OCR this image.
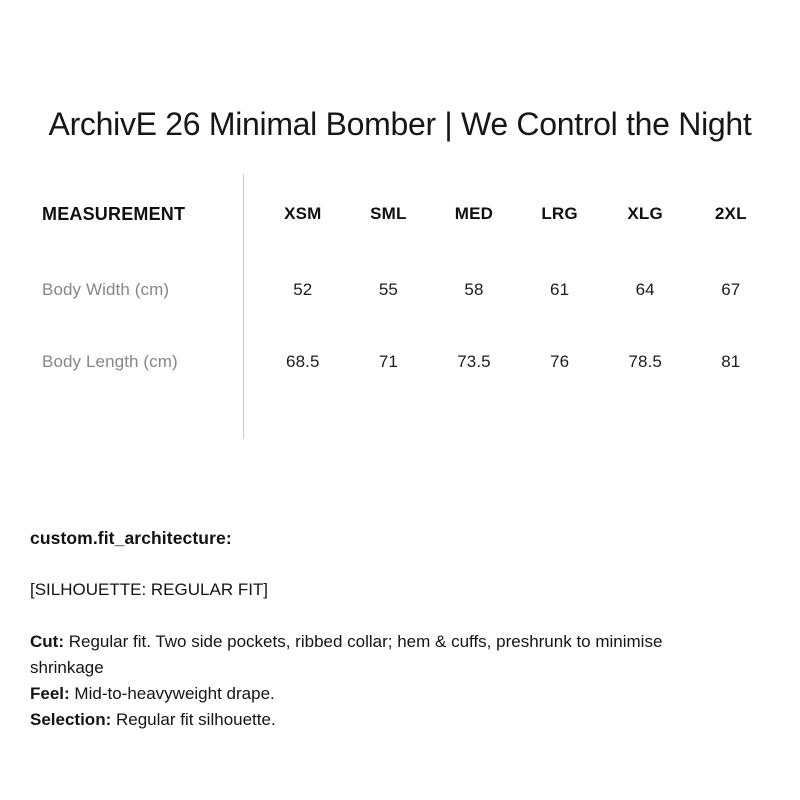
ArchivE 26 Minimal Bomber | We Control the Night
MEASUREMENT	XSM	SML	MED	LRG	XLG	2XL
Body Width (cm)	52	55	58	61	64	67
Body Length (cm)	68.5	71	73.5	76	78.5	81
custom.fit_architecture:

[SILHOUETTE: REGULAR FIT]

Cut: Regular fit. Two side pockets, ribbed collar; hem & cuffs, preshrunk to minimise shrinkage
Feel: Mid-to-heavyweight drape.
Selection: Regular fit silhouette.
